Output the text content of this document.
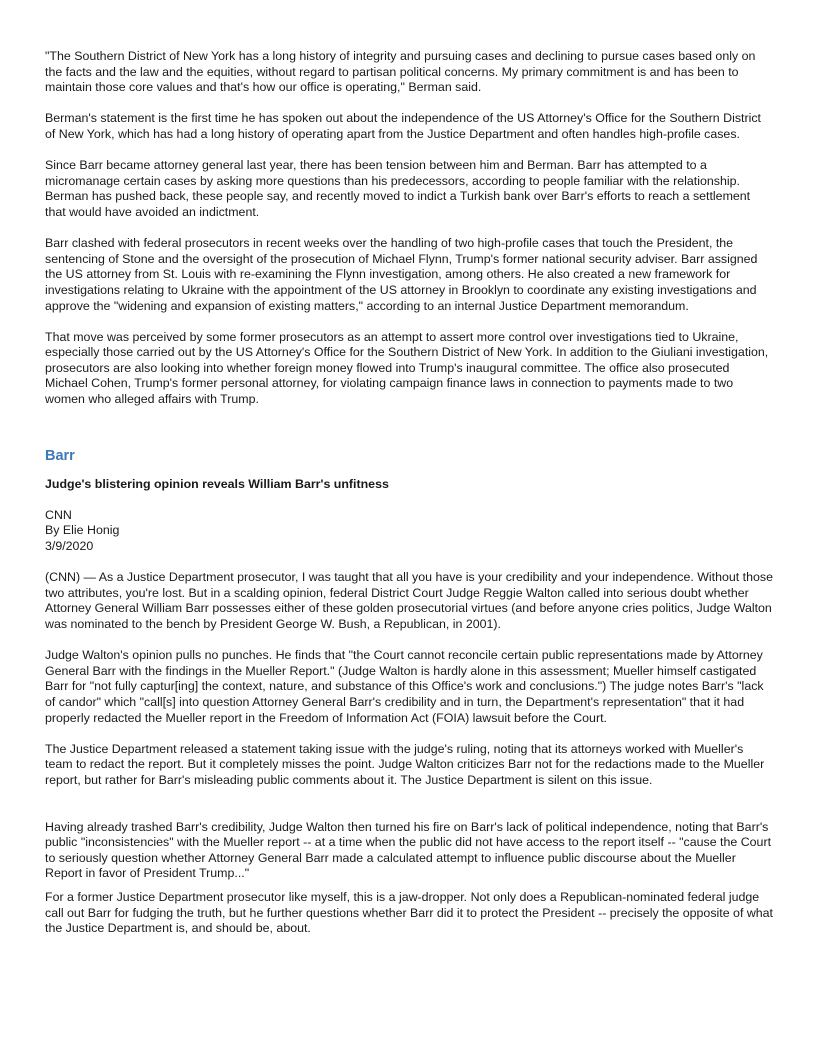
"The Southern District of New York has a long history of integrity and pursuing cases and declining to pursue cases based only on the facts and the law and the equities, without regard to partisan political concerns. My primary commitment is and has been to maintain those core values and that's how our office is operating," Berman said.

Berman's statement is the first time he has spoken out about the independence of the US Attorney's Office for the Southern District of New York, which has had a long history of operating apart from the Justice Department and often handles high-profile cases.

Since Barr became attorney general last year, there has been tension between him and Berman. Barr has attempted to a micromanage certain cases by asking more questions than his predecessors, according to people familiar with the relationship. Berman has pushed back, these people say, and recently moved to indict a Turkish bank over Barr's efforts to reach a settlement that would have avoided an indictment.

Barr clashed with federal prosecutors in recent weeks over the handling of two high-profile cases that touch the President, the sentencing of Stone and the oversight of the prosecution of Michael Flynn, Trump's former national security adviser. Barr assigned the US attorney from St. Louis with re-examining the Flynn investigation, among others. He also created a new framework for investigations relating to Ukraine with the appointment of the US attorney in Brooklyn to coordinate any existing investigations and approve the "widening and expansion of existing matters," according to an internal Justice Department memorandum.

That move was perceived by some former prosecutors as an attempt to assert more control over investigations tied to Ukraine, especially those carried out by the US Attorney's Office for the Southern District of New York. In addition to the Giuliani investigation, prosecutors are also looking into whether foreign money flowed into Trump's inaugural committee. The office also prosecuted Michael Cohen, Trump's former personal attorney, for violating campaign finance laws in connection to payments made to two women who alleged affairs with Trump.

Barr

Judge's blistering opinion reveals William Barr's unfitness

CNN

By Elie Honig

3/9/2020

(CNN) — As a Justice Department prosecutor, I was taught that all you have is your credibility and your independence. Without those two attributes, you're lost. But in a scalding opinion, federal District Court Judge Reggie Walton called into serious doubt whether Attorney General William Barr possesses either of these golden prosecutorial virtues (and before anyone cries politics, Judge Walton was nominated to the bench by President George W. Bush, a Republican, in 2001).

Judge Walton's opinion pulls no punches. He finds that "the Court cannot reconcile certain public representations made by Attorney General Barr with the findings in the Mueller Report." (Judge Walton is hardly alone in this assessment; Mueller himself castigated Barr for "not fully captur[ing] the context, nature, and substance of this Office's work and conclusions.") The judge notes Barr's "lack of candor" which "call[s] into question Attorney General Barr's credibility and in turn, the Department's representation" that it had properly redacted the Mueller report in the Freedom of Information Act (FOIA) lawsuit before the Court.

The Justice Department released a statement taking issue with the judge's ruling, noting that its attorneys worked with Mueller's team to redact the report. But it completely misses the point. Judge Walton criticizes Barr not for the redactions made to the Mueller report, but rather for Barr's misleading public comments about it. The Justice Department is silent on this issue.

Having already trashed Barr's credibility, Judge Walton then turned his fire on Barr's lack of political independence, noting that Barr's public "inconsistencies" with the Mueller report -- at a time when the public did not have access to the report itself -- "cause the Court to seriously question whether Attorney General Barr made a calculated attempt to influence public discourse about the Mueller Report in favor of President Trump..."

For a former Justice Department prosecutor like myself, this is a jaw-dropper. Not only does a Republican-nominated federal judge call out Barr for fudging the truth, but he further questions whether Barr did it to protect the President -- precisely the opposite of what the Justice Department is, and should be, about.
